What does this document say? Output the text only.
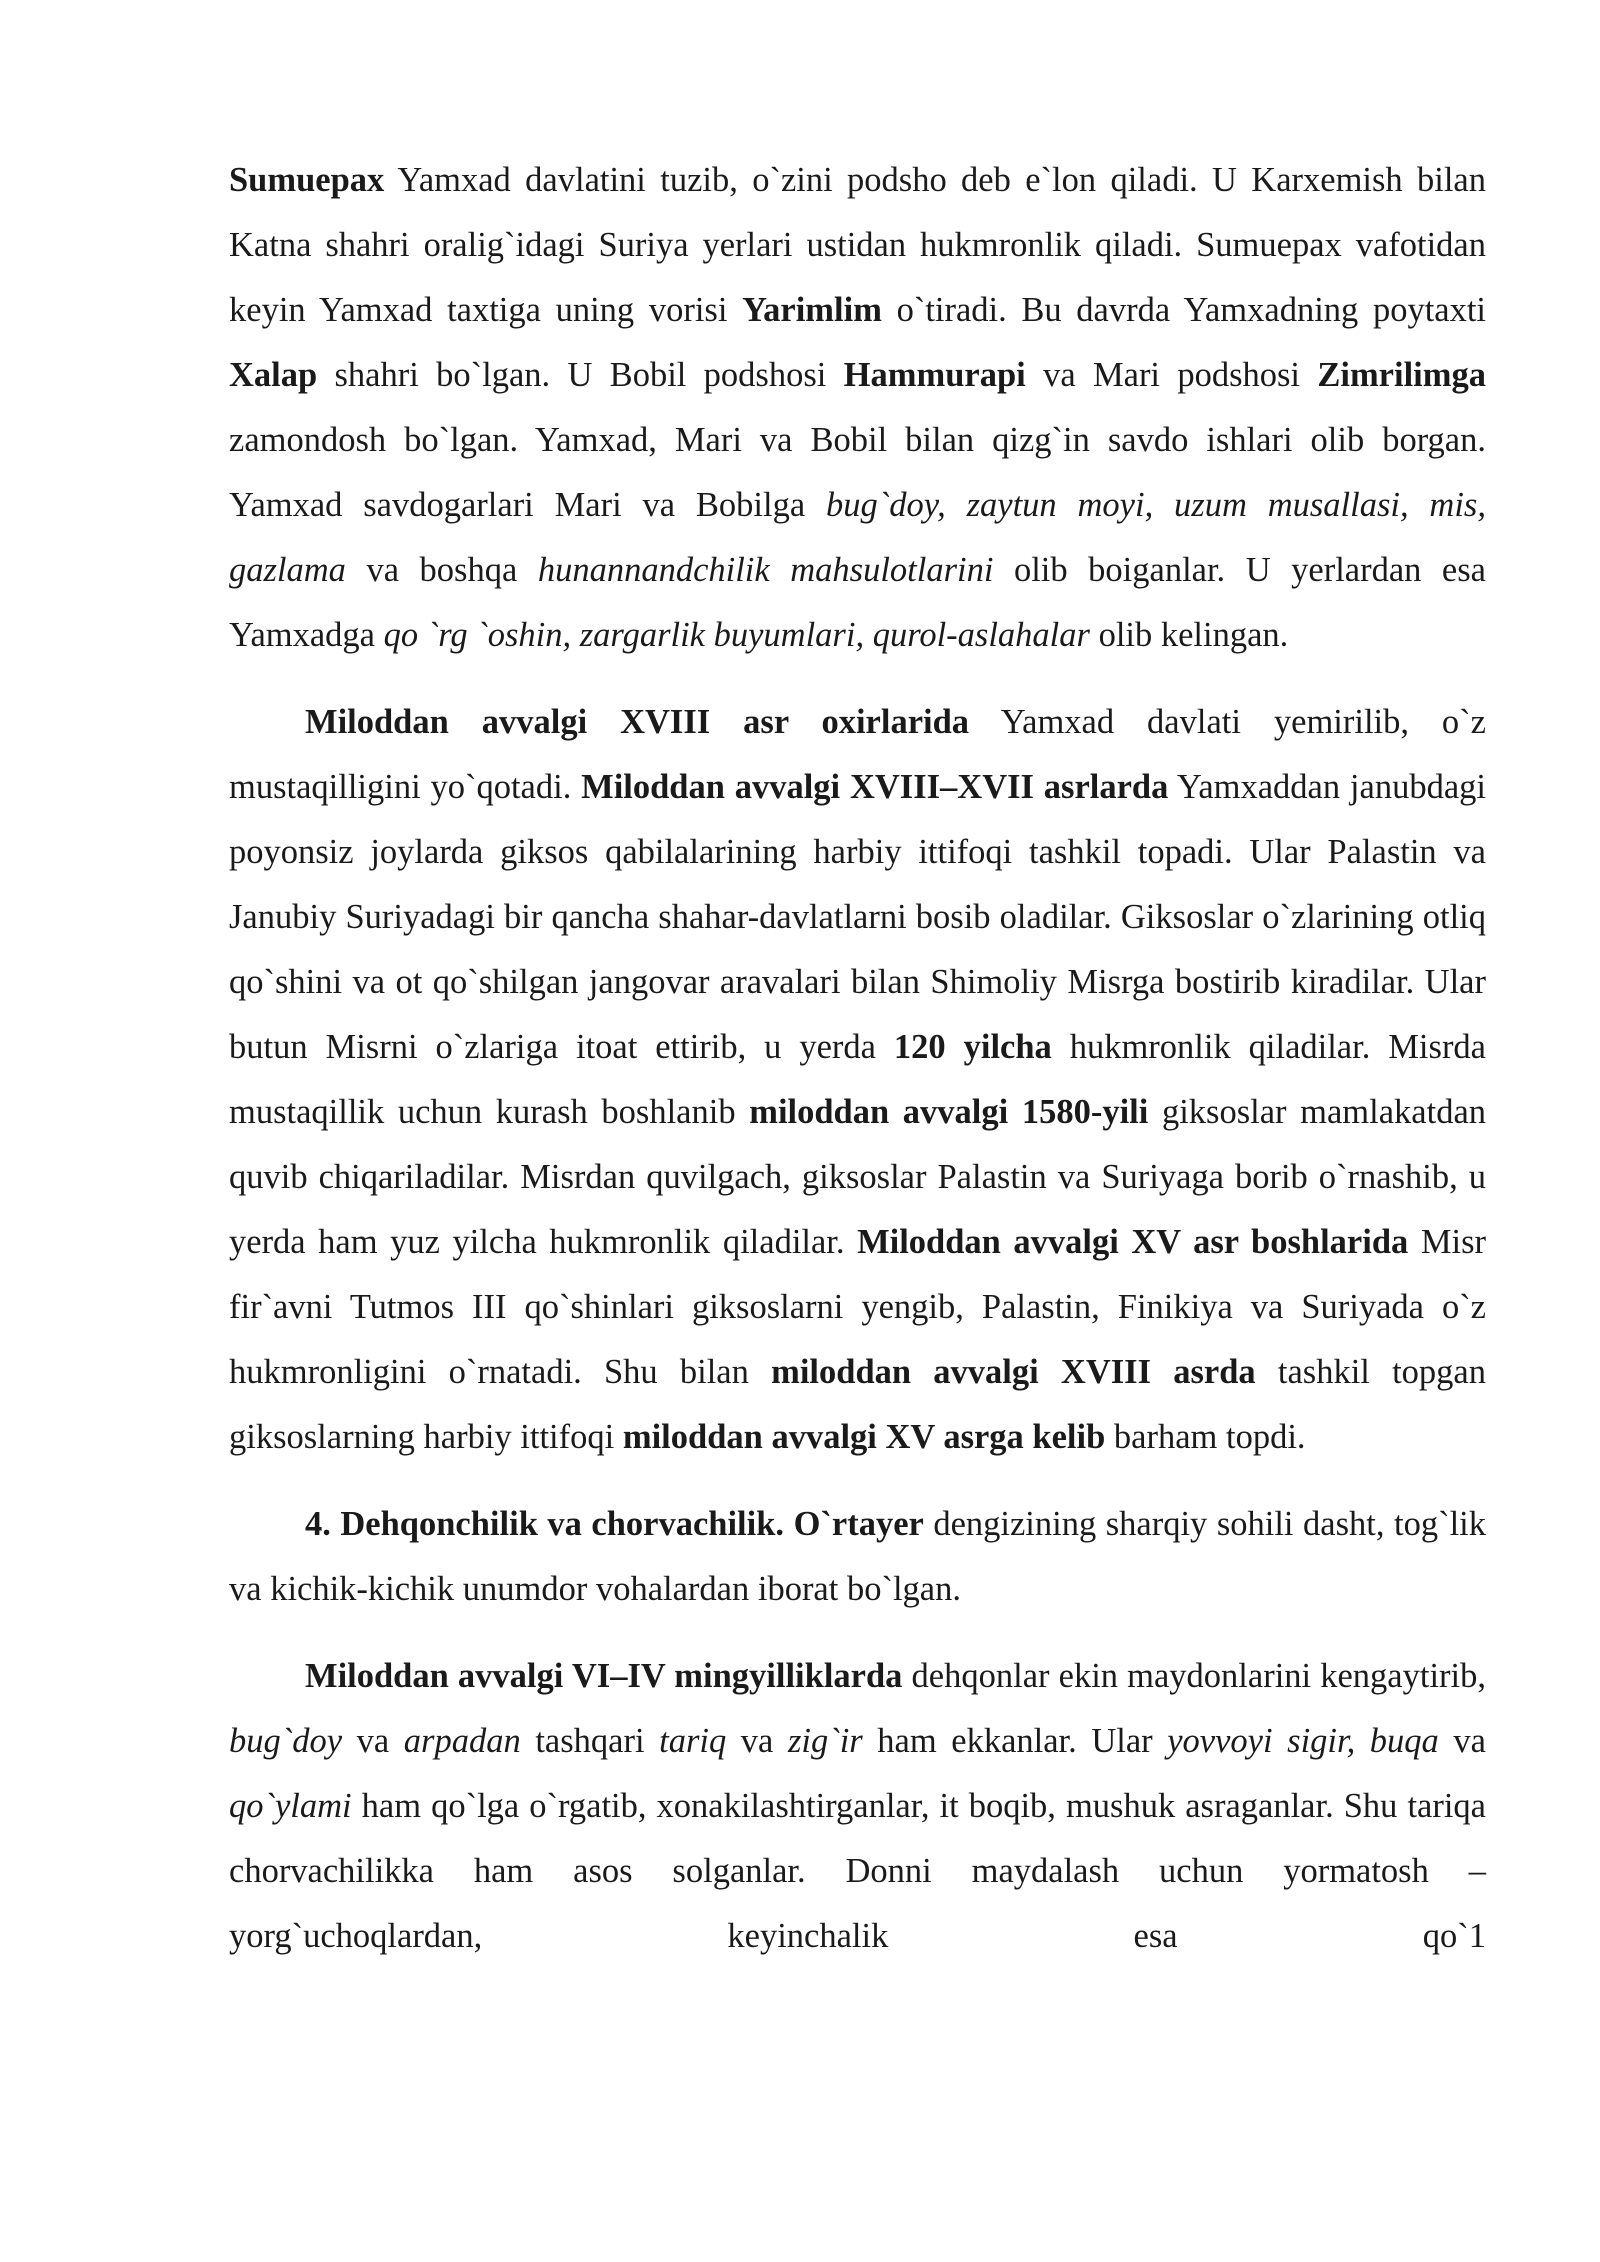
Sumuepax Yamxad davlatini tuzib, o`zini podsho deb e`lon qiladi. U Karxemish bilan Katna shahri oralig`idagi Suriya yerlari ustidan hukmronlik qiladi. Sumuepax vafotidan keyin Yamxad taxtiga uning vorisi Yarimlim o`tiradi. Bu davrda Yamxadning poytaxti Xalap shahri bo`lgan. U Bobil podshosi Hammurapi va Mari podshosi Zimrilimga zamondosh bo`lgan. Yamxad, Mari va Bobil bilan qizg`in savdo ishlari olib borgan. Yamxad savdogarlari Mari va Bobilga bug`doy, zaytun moyi, uzum musallasi, mis, gazlama va boshqa hunannandchilik mahsulotlarini olib boiganlar. U yerlardan esa Yamxadga qo `rg `oshin, zargarlik buyumlari, qurol-aslahalar olib kelingan.

Miloddan avvalgi XVIII asr oxirlarida Yamxad davlati yemirilib, o`z mustaqilligini yo`qotadi. Miloddan avvalgi XVIII–XVII asrlarda Yamxaddan janubdagi poyonsiz joylarda giksos qabilalarining harbiy ittifoqi tashkil topadi. Ular Palastin va Janubiy Suriyadagi bir qancha shahar-davlatlarni bosib oladilar. Giksoslar o`zlarining otliq qo`shini va ot qo`shilgan jangovar aravalari bilan Shimoliy Misrga bostirib kiradilar. Ular butun Misrni o`zlariga itoat ettirib, u yerda 120 yilcha hukmronlik qiladilar. Misrda mustaqillik uchun kurash boshlanib miloddan avvalgi 1580-yili giksoslar mamlakatdan quvib chiqariladilar. Misrdan quvilgach, giksoslar Palastin va Suriyaga borib o`rnashib, u yerda ham yuz yilcha hukmronlik qiladilar. Miloddan avvalgi XV asr boshlarida Misr fir`avni Tutmos III qo`shinlari giksoslarni yengib, Palastin, Finikiya va Suriyada o`z hukmronligini o`rnatadi. Shu bilan miloddan avvalgi XVIII asrda tashkil topgan giksoslarning harbiy ittifoqi miloddan avvalgi XV asrga kelib barham topdi.

4. Dehqonchilik va chorvachilik. O`rtayer dengizining sharqiy sohili dasht, tog`lik va kichik-kichik unumdor vohalardan iborat bo`lgan.

Miloddan avvalgi VI–IV mingyilliklarda dehqonlar ekin maydonlarini kengaytirib, bug`doy va arpadan tashqari tariq va zig`ir ham ekkanlar. Ular yovvoyi sigir, buqa va qo`ylami ham qo`lga o`rgatib, xonakilashtirganlar, it boqib, mushuk asraganlar. Shu tariqa chorvachilikka ham asos solganlar. Donni maydalash uchun yormatosh – yorg`uchoqlardan, keyinchalik esa qo`1
